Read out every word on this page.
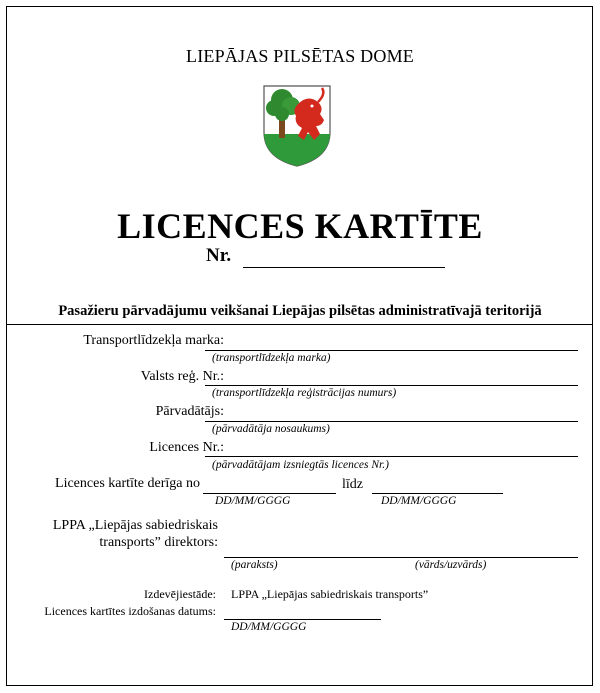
LIEPĀJAS PILSĒTAS DOME
LICENCES KARTĪTE
Nr.
Pasažieru pārvadājumu veikšanai Liepājas pilsētas administratīvajā teritorijā
Transportlīdzekļa marka:
(transportlīdzekļa marka)
Valsts reģ. Nr.:
(transportlīdzekļa reģistrācijas numurs)
Pārvadātājs:
(pārvadātāja nosaukums)
Licences Nr.:
(pārvadātājam izsniegtās licences Nr.)
Licences kartīte derīga no
DD/MM/GGGG
līdz
DD/MM/GGGG
LPPA „Liepājas sabiedriskais
transports” direktors:
(paraksts)	(vārds/uzvārds)
Izdevējiestāde: LPPA „Liepājas sabiedriskais transports”
Licences kartītes izdošanas datums:
DD/MM/GGGG
